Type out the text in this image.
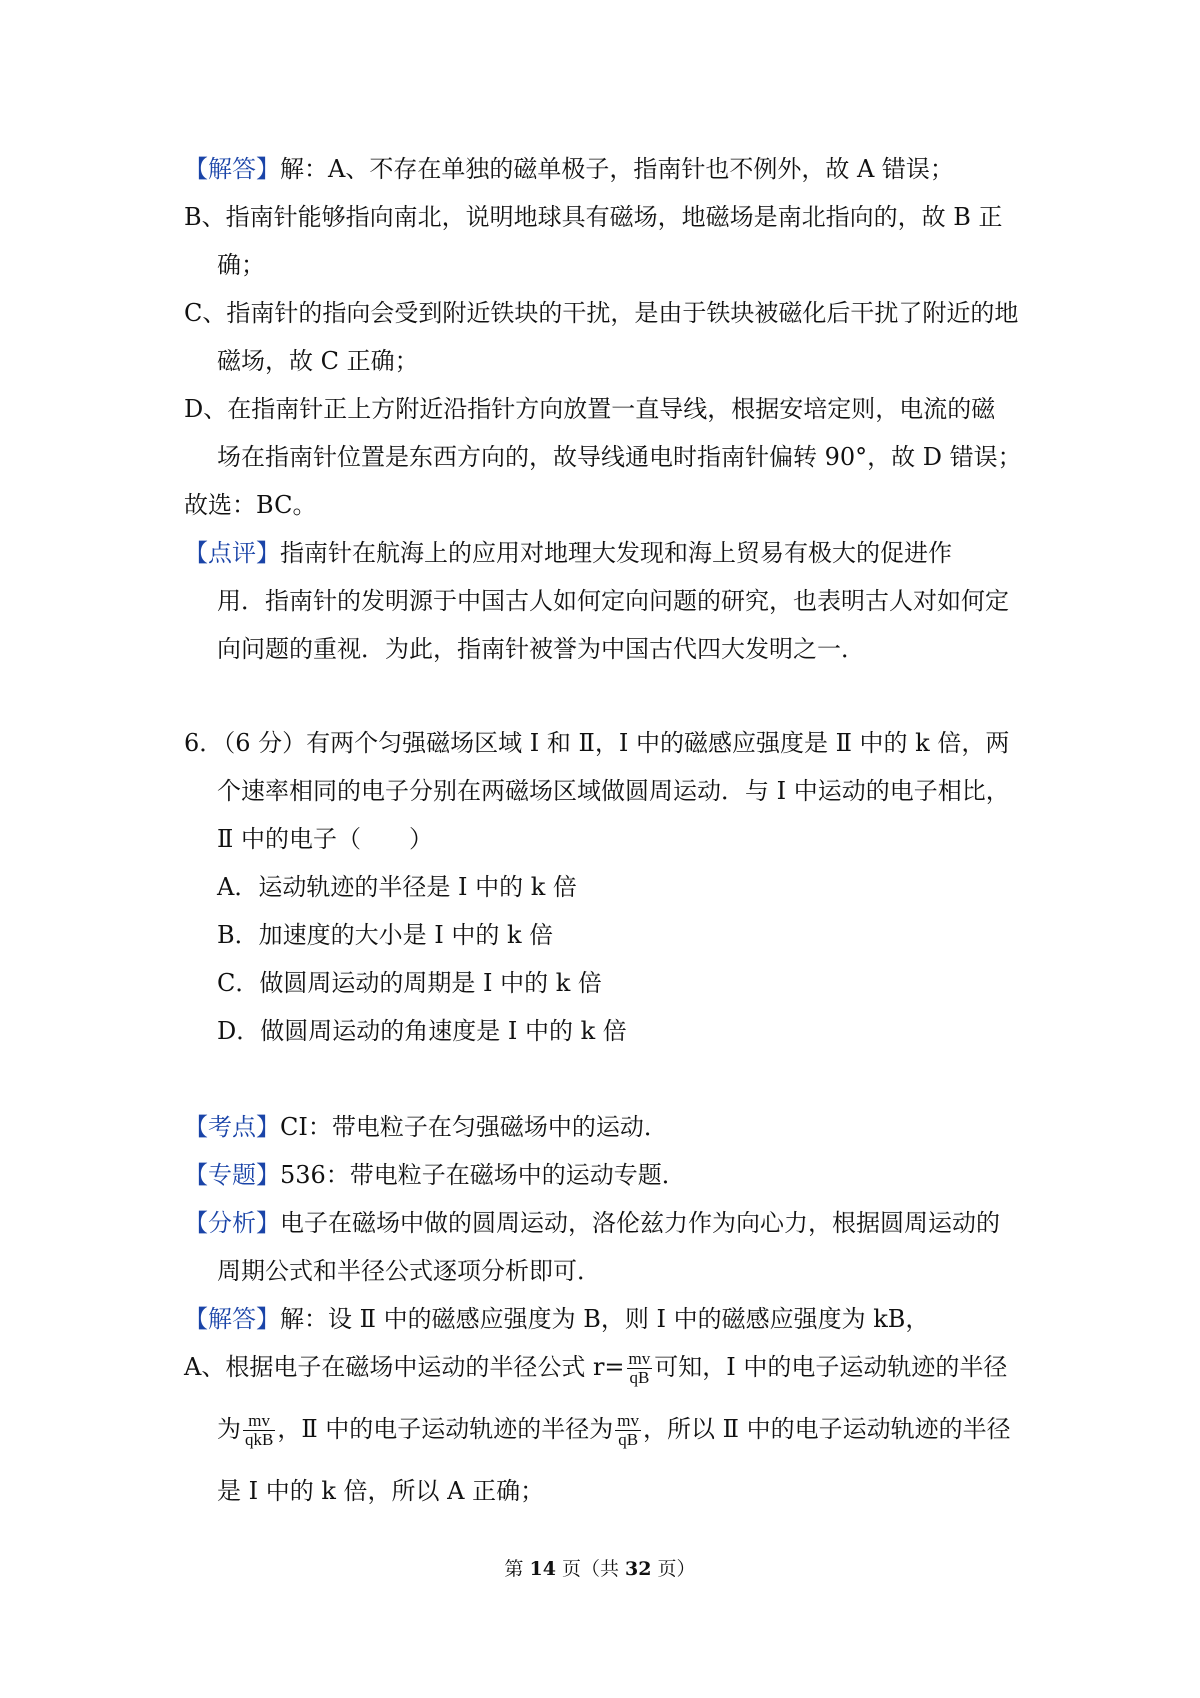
【解答】解：A、不存在单独的磁单极子，指南针也不例外，故 A 错误；
B、指南针能够指向南北，说明地球具有磁场，地磁场是南北指向的，故 B 正
确；
C、指南针的指向会受到附近铁块的干扰，是由于铁块被磁化后干扰了附近的地
磁场，故 C 正确；
D、在指南针正上方附近沿指针方向放置一直导线，根据安培定则，电流的磁
场在指南针位置是东西方向的，故导线通电时指南针偏转 90°，故 D 错误；
故选：BC。
【点评】指南针在航海上的应用对地理大发现和海上贸易有极大的促进作
用．指南针的发明源于中国古人如何定向问题的研究，也表明古人对如何定
向问题的重视．为此，指南针被誉为中国古代四大发明之一．
6．（6 分）有两个匀强磁场区域 Ⅰ 和 Ⅱ，Ⅰ 中的磁感应强度是 Ⅱ 中的 k 倍，两
个速率相同的电子分别在两磁场区域做圆周运动．与 Ⅰ 中运动的电子相比，
Ⅱ 中的电子（　　）
A．运动轨迹的半径是 Ⅰ 中的 k 倍
B．加速度的大小是 Ⅰ 中的 k 倍
C．做圆周运动的周期是 Ⅰ 中的 k 倍
D．做圆周运动的角速度是 Ⅰ 中的 k 倍
【考点】CI：带电粒子在匀强磁场中的运动．
【专题】536：带电粒子在磁场中的运动专题．
【分析】电子在磁场中做的圆周运动，洛伦兹力作为向心力，根据圆周运动的
周期公式和半径公式逐项分析即可．
【解答】解：设 Ⅱ 中的磁感应强度为 B，则 Ⅰ 中的磁感应强度为 kB，
A、根据电子在磁场中运动的半径公式 $r= \frac{mv}{qB}$ 可知，Ⅰ 中的电子运动轨迹的半径
为 $\frac{mv}{\text{qkB}}$ ，Ⅱ 中的电子运动轨迹的半径为 $\frac{mv}{qB}$ ，所以 Ⅱ 中的电子运动轨迹的半径
是 Ⅰ 中的 k 倍，所以 A 正确；
第 14 页（共 32 页）
